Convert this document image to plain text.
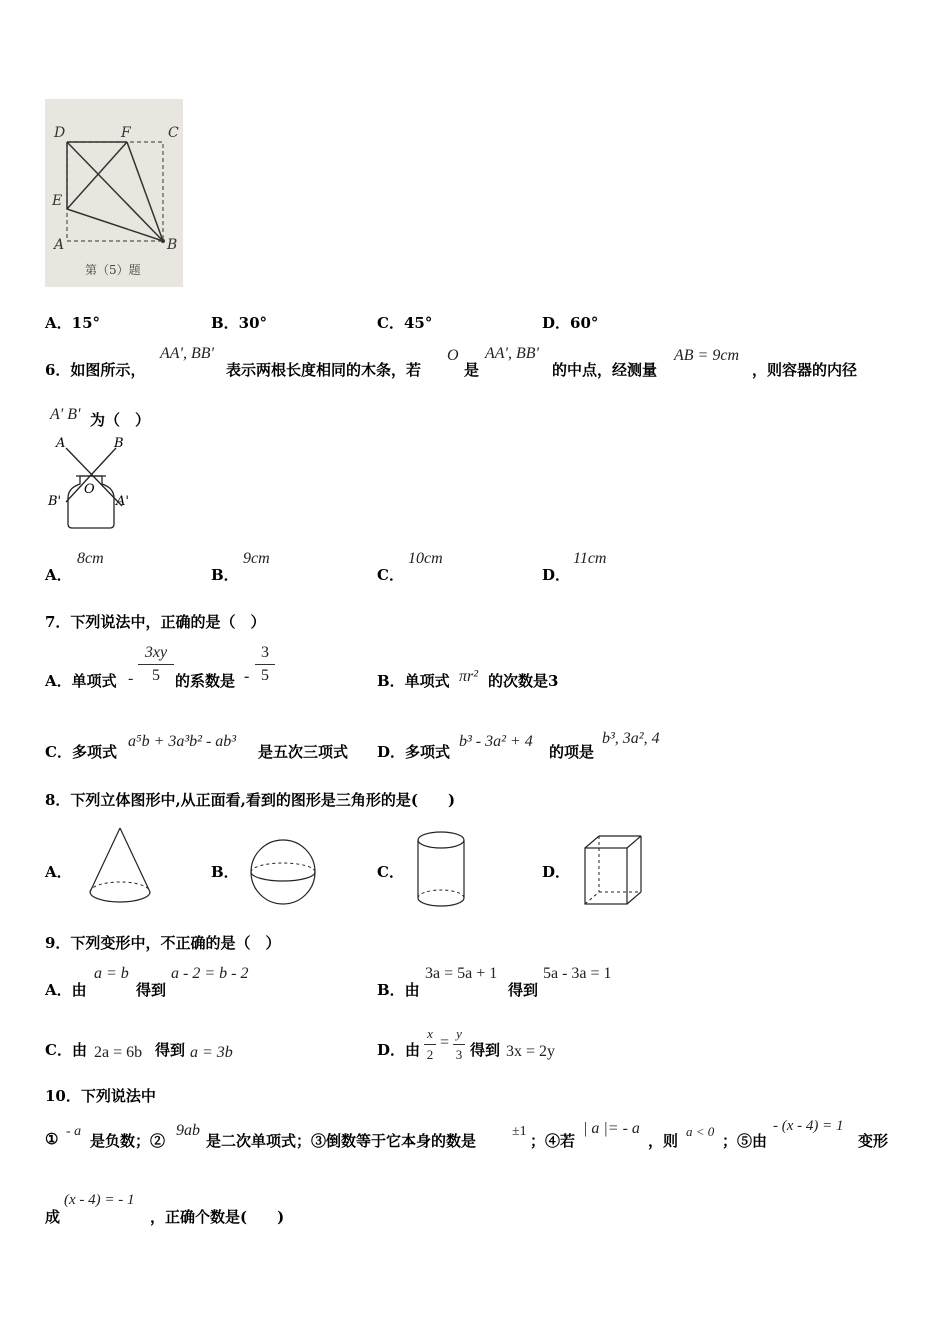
D	F	C
E
A	B
第（5）题
A．15°	B．30°	C．45°	D．60°
6．如图所示，
AA', BB'
表示两根长度相同的木条，若
O
是
AA', BB'
的中点，经测量
AB = 9cm
，则容器的内径
A' B' 为（　）
A	B
O
B'	A'
A．
8cm
B．
9cm
C．
10cm
D．
11cm
7．下列说法中，正确的是（　）
A．单项式 -
3xy
5	的系数是 -
3
5	B．单项式 πr² 的次数是3
C．多项式
a⁵b + 3a³b² - ab³
是五次三项式 D．多项式
b³ - 3a² + 4
的项是
b³, 3a², 4
8．下列立体图形中,从正面看,看到的图形是三角形的是(　　)
A．	B．	C．	D．
9．下列变形中，不正确的是（　）
A．由
a = b
得到
a - 2 = b - 2
B．由
3a = 5a + 1
得到
5a - 3a = 1
C．由 2a = 6b 得到 a = 3b	D．由
x
2
=
y
3 得到 3x = 2y
10．下列说法中
① - a
是负数；②
9ab
是二次单项式；③倒数等于它本身的数是
±1
；④若
| a |= - a
，则
a < 0
；⑤由
- (x - 4) = 1
变形
成
(x - 4) = - 1
，正确个数是(　　)
